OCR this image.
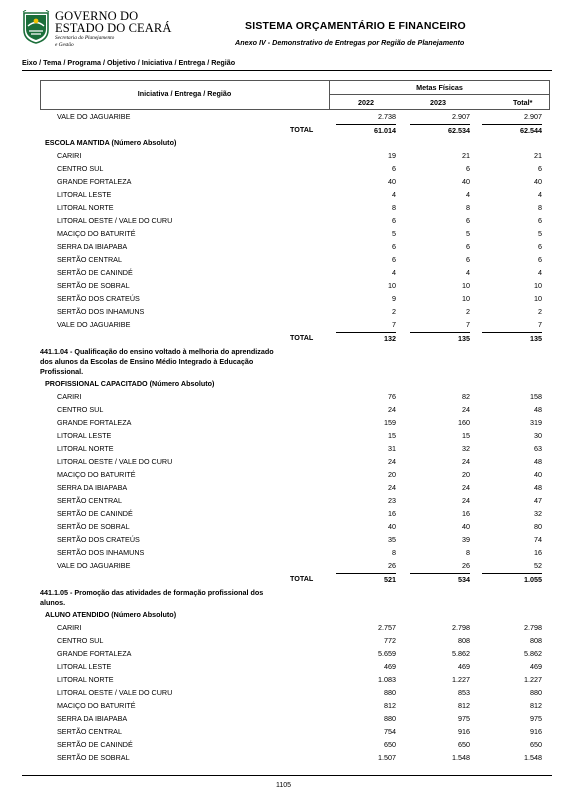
GOVERNO DO
ESTADO DO CEARÁ
Secretaria do Planejamento
e Gestão
SISTEMA ORÇAMENTÁRIO E FINANCEIRO
Anexo IV - Demonstrativo de Entregas por Região de Planejamento
Eixo / Tema / Programa / Objetivo / Iniciativa / Entrega / Região
Iniciativa / Entrega / Região
Metas Físicas
2022	2023	Total*
VALE DO JAGUARIBE	2.738	2.907	2.907
TOTAL	61.014	62.534	62.544
ESCOLA MANTIDA (Número Absoluto)
CARIRI	19	21	21
CENTRO SUL	6	6	6
GRANDE FORTALEZA	40	40	40
LITORAL LESTE	4	4	4
LITORAL NORTE	8	8	8
LITORAL OESTE / VALE DO CURU	6	6	6
MACIÇO DO BATURITÉ	5	5	5
SERRA DA IBIAPABA	6	6	6
SERTÃO CENTRAL	6	6	6
SERTÃO DE CANINDÉ	4	4	4
SERTÃO DE SOBRAL	10	10	10
SERTÃO DOS CRATEÚS	9	10	10
SERTÃO DOS INHAMUNS	2	2	2
VALE DO JAGUARIBE	7	7	7
TOTAL	132	135	135
441.1.04 - Qualificação do ensino voltado à melhoria do aprendizado
dos alunos da Escolas de Ensino Médio Integrado à Educação
Profissional.
PROFISSIONAL CAPACITADO (Número Absoluto)
CARIRI	76	82	158
CENTRO SUL	24	24	48
GRANDE FORTALEZA	159	160	319
LITORAL LESTE	15	15	30
LITORAL NORTE	31	32	63
LITORAL OESTE / VALE DO CURU	24	24	48
MACIÇO DO BATURITÉ	20	20	40
SERRA DA IBIAPABA	24	24	48
SERTÃO CENTRAL	23	24	47
SERTÃO DE CANINDÉ	16	16	32
SERTÃO DE SOBRAL	40	40	80
SERTÃO DOS CRATEÚS	35	39	74
SERTÃO DOS INHAMUNS	8	8	16
VALE DO JAGUARIBE	26	26	52
TOTAL	521	534	1.055
441.1.05 - Promoção das atividades de formação profissional dos
alunos.
ALUNO ATENDIDO (Número Absoluto)
CARIRI	2.757	2.798	2.798
CENTRO SUL	772	808	808
GRANDE FORTALEZA	5.659	5.862	5.862
LITORAL LESTE	469	469	469
LITORAL NORTE	1.083	1.227	1.227
LITORAL OESTE / VALE DO CURU	880	853	880
MACIÇO DO BATURITÉ	812	812	812
SERRA DA IBIAPABA	880	975	975
SERTÃO CENTRAL	754	916	916
SERTÃO DE CANINDÉ	650	650	650
SERTÃO DE SOBRAL	1.507	1.548	1.548
1105
